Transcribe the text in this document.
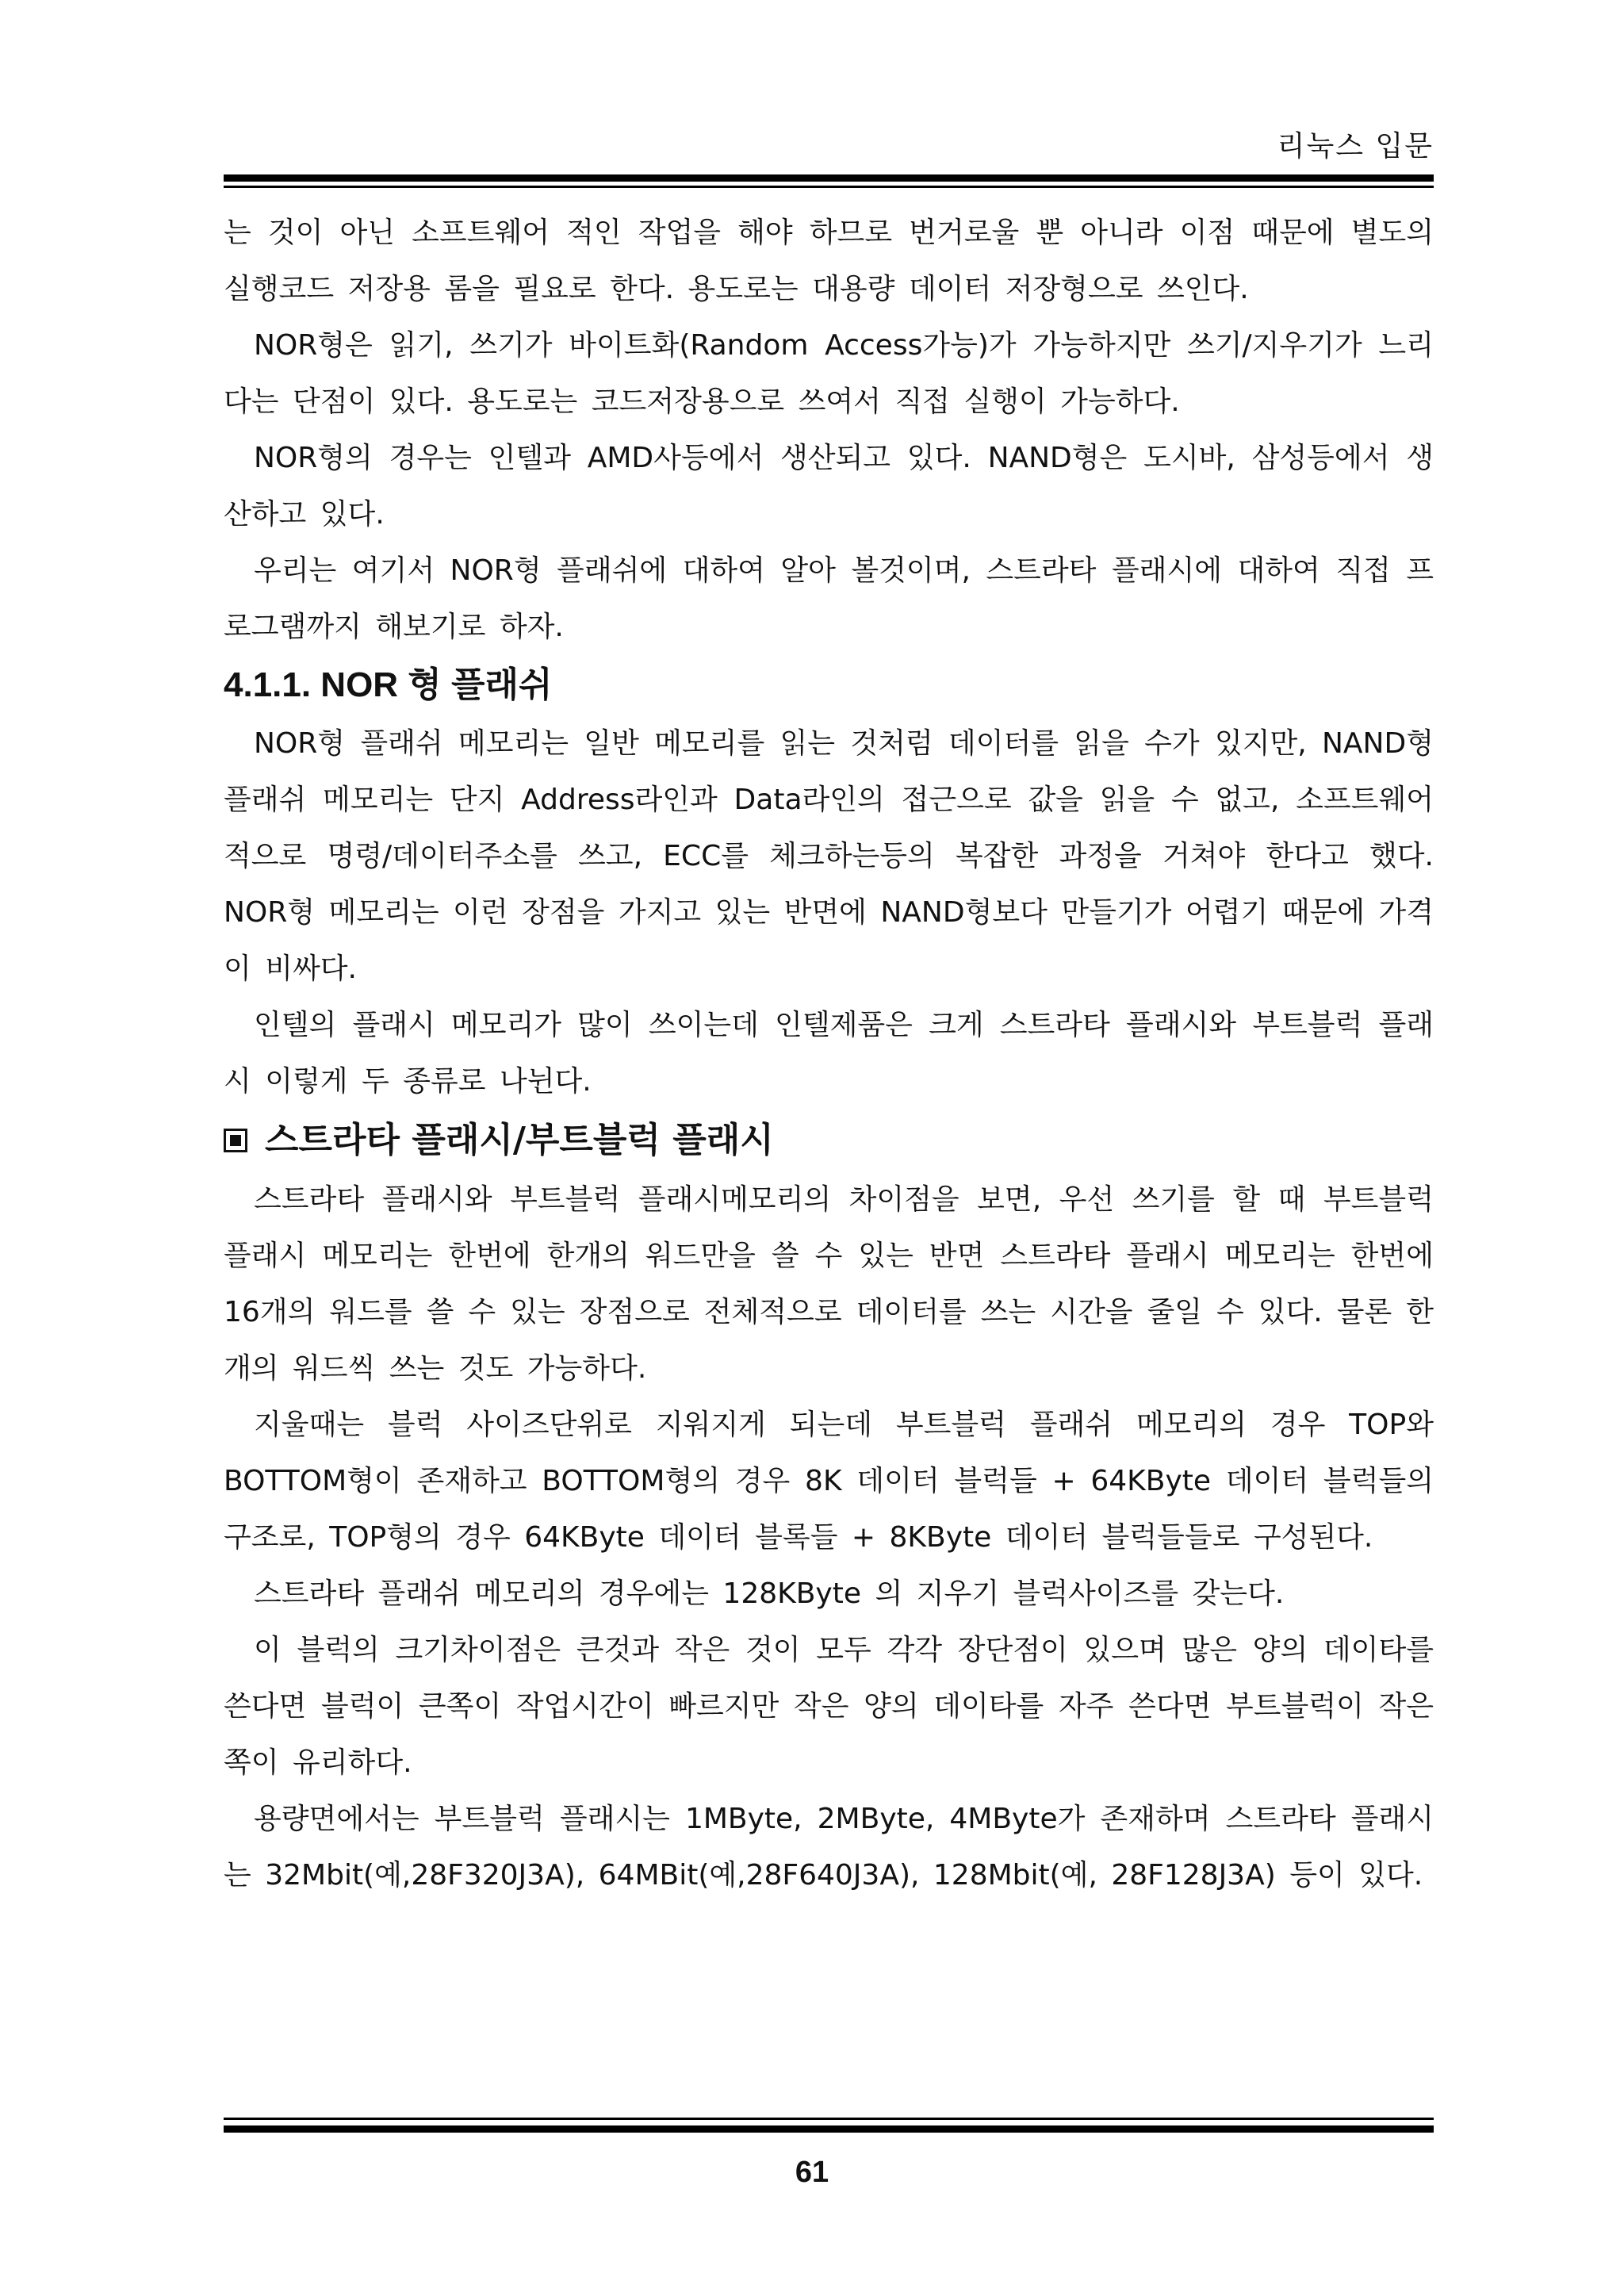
리눅스 입문

는 것이 아닌 소프트웨어 적인 작업을 해야 하므로 번거로울 뿐 아니라 이점 때문에 별도의 실행코드 저장용 롬을 필요로 한다. 용도로는 대용량 데이터 저장형으로 쓰인다.

NOR형은 읽기, 쓰기가 바이트화(Random Access가능)가 가능하지만 쓰기/지우기가 느리다는 단점이 있다. 용도로는 코드저장용으로 쓰여서 직접 실행이 가능하다.

NOR형의 경우는 인텔과 AMD사등에서 생산되고 있다. NAND형은 도시바, 삼성등에서 생산하고 있다.

우리는 여기서 NOR형 플래쉬에 대하여 알아 볼것이며, 스트라타 플래시에 대하여 직접 프로그램까지 해보기로 하자.

4.1.1. NOR 형 플래쉬

NOR형 플래쉬 메모리는 일반 메모리를 읽는 것처럼 데이터를 읽을 수가 있지만, NAND형 플래쉬 메모리는 단지 Address라인과 Data라인의 접근으로 값을 읽을 수 없고, 소프트웨어적으로 명령/데이터주소를 쓰고, ECC를 체크하는등의 복잡한 과정을 거쳐야 한다고 했다. NOR형 메모리는 이런 장점을 가지고 있는 반면에 NAND형보다 만들기가 어렵기 때문에 가격이 비싸다.

인텔의 플래시 메모리가 많이 쓰이는데 인텔제품은 크게 스트라타 플래시와 부트블럭 플래시 이렇게 두 종류로 나뉜다.

스트라타 플래시/부트블럭 플래시

스트라타 플래시와 부트블럭 플래시메모리의 차이점을 보면, 우선 쓰기를 할 때 부트블럭 플래시 메모리는 한번에 한개의 워드만을 쓸 수 있는 반면 스트라타 플래시 메모리는 한번에 16개의 워드를 쓸 수 있는 장점으로 전체적으로 데이터를 쓰는 시간을 줄일 수 있다. 물론 한개의 워드씩 쓰는 것도 가능하다.

지울때는 블럭 사이즈단위로 지워지게 되는데 부트블럭 플래쉬 메모리의 경우 TOP와 BOTTOM형이 존재하고 BOTTOM형의 경우 8K 데이터 블럭들 + 64KByte 데이터 블럭들의 구조로, TOP형의 경우 64KByte 데이터 블록들 + 8KByte 데이터 블럭들들로 구성된다.

스트라타 플래쉬 메모리의 경우에는 128KByte 의 지우기 블럭사이즈를 갖는다.

이 블럭의 크기차이점은 큰것과 작은 것이 모두 각각 장단점이 있으며 많은 양의 데이타를 쓴다면 블럭이 큰쪽이 작업시간이 빠르지만 작은 양의 데이타를 자주 쓴다면 부트블럭이 작은 쪽이 유리하다.

용량면에서는 부트블럭 플래시는 1MByte, 2MByte, 4MByte가 존재하며 스트라타 플래시는 32Mbit(예,28F320J3A), 64MBit(예,28F640J3A), 128Mbit(예, 28F128J3A) 등이 있다.

61
